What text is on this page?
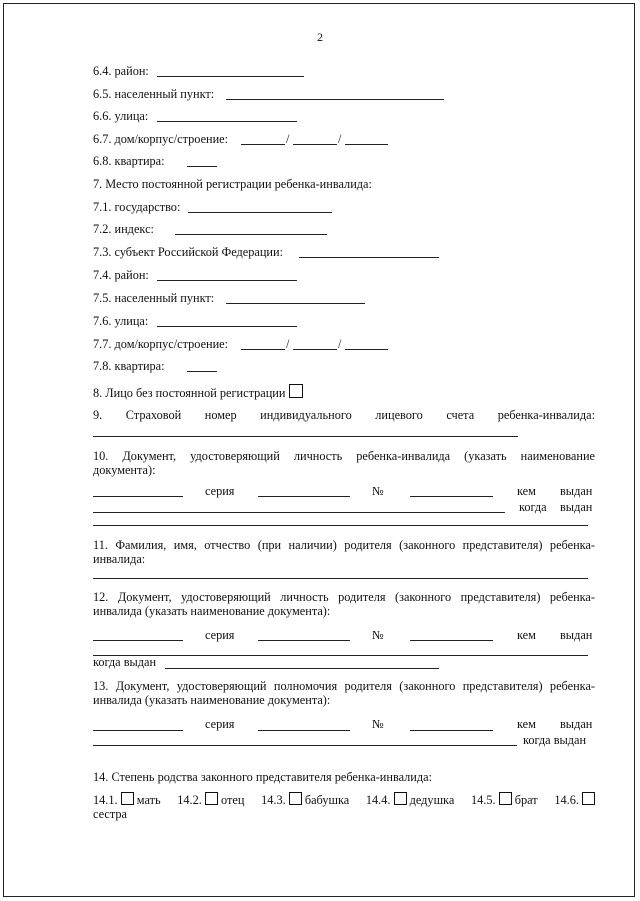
2
6.4. район:
6.5. населенный пункт:
6.6. улица:
6.7. дом/корпус/строение:	/	/
6.8. квартира:
7. Место постоянной регистрации ребенка-инвалида:
7.1. государство:
7.2. индекс:
7.3. субъект Российской Федерации:
7.4. район:
7.5. населенный пункт:
7.6. улица:
7.7. дом/корпус/строение:	/	/
7.8. квартира:
8. Лицо без постоянной регистрации
9. Страховой номер индивидуального лицевого счета ребенка-инвалида:
10. Документ, удостоверяющий личность ребенка-инвалида (указать наименование
документа):
серия	№	кем выдан
когда выдан
11. Фамилия, имя, отчество (при наличии) родителя (законного представителя) ребенка-
инвалида:
12. Документ, удостоверяющий личность родителя (законного представителя) ребенка-
инвалида (указать наименование документа):
серия	№	кем выдан
когда выдан
13. Документ, удостоверяющий полномочия родителя (законного представителя) ребенка-
инвалида (указать наименование документа):
серия	№	кем выдан
когда выдан
14. Степень родства законного представителя ребенка-инвалида:
14.1. мать 14.2. отец 14.3. бабушка 14.4. дедушка 14.5. брат 14.6.
сестра
